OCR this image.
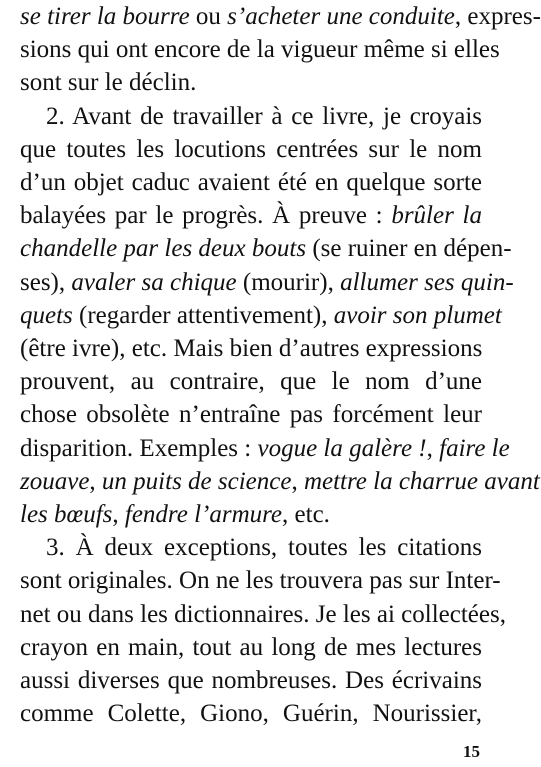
se tirer la bourre ou s’acheter une conduite, expres-
sions qui ont encore de la vigueur même si elles
sont sur le déclin.
2. Avant de travailler à ce livre, je croyais
que toutes les locutions centrées sur le nom
d’un objet caduc avaient été en quelque sorte
balayées par le progrès. À preuve : brûler la
chandelle par les deux bouts (se ruiner en dépen-
ses), avaler sa chique (mourir), allumer ses quin-
quets (regarder attentivement), avoir son plumet
(être ivre), etc. Mais bien d’autres expressions
prouvent, au contraire, que le nom d’une
chose obsolète n’entraîne pas forcément leur
disparition. Exemples : vogue la galère !, faire le
zouave, un puits de science, mettre la charrue avant
les bœufs, fendre l’armure, etc.
3. À deux exceptions, toutes les citations
sont originales. On ne les trouvera pas sur Inter-
net ou dans les dictionnaires. Je les ai collectées,
crayon en main, tout au long de mes lectures
aussi diverses que nombreuses. Des écrivains
comme Colette, Giono, Guérin, Nourissier,
15
